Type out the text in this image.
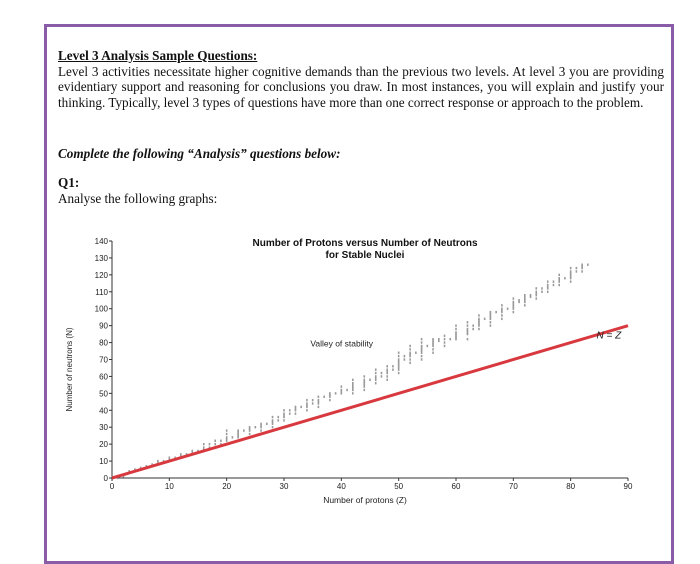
Level 3 Analysis Sample Questions:
Level 3 activities necessitate higher cognitive demands than the previous two levels. At level 3 you are providing evidentiary support and reasoning for conclusions you draw. In most instances, you will explain and justify your thinking. Typically, level 3 types of questions have more than one correct response or approach to the problem.
Complete the following “Analysis” questions below:
Q1:
Analyse the following graphs:
0
10
20
30
40
50
60
70
80
90
100
110
120
130
140
0	10	20	30	40	50	60	70	80	90
N = Z
Number of Protons versus Number of Neutrons
for Stable Nuclei
Valley of stability
Number of protons (Z)
Number of neutrons (N)
